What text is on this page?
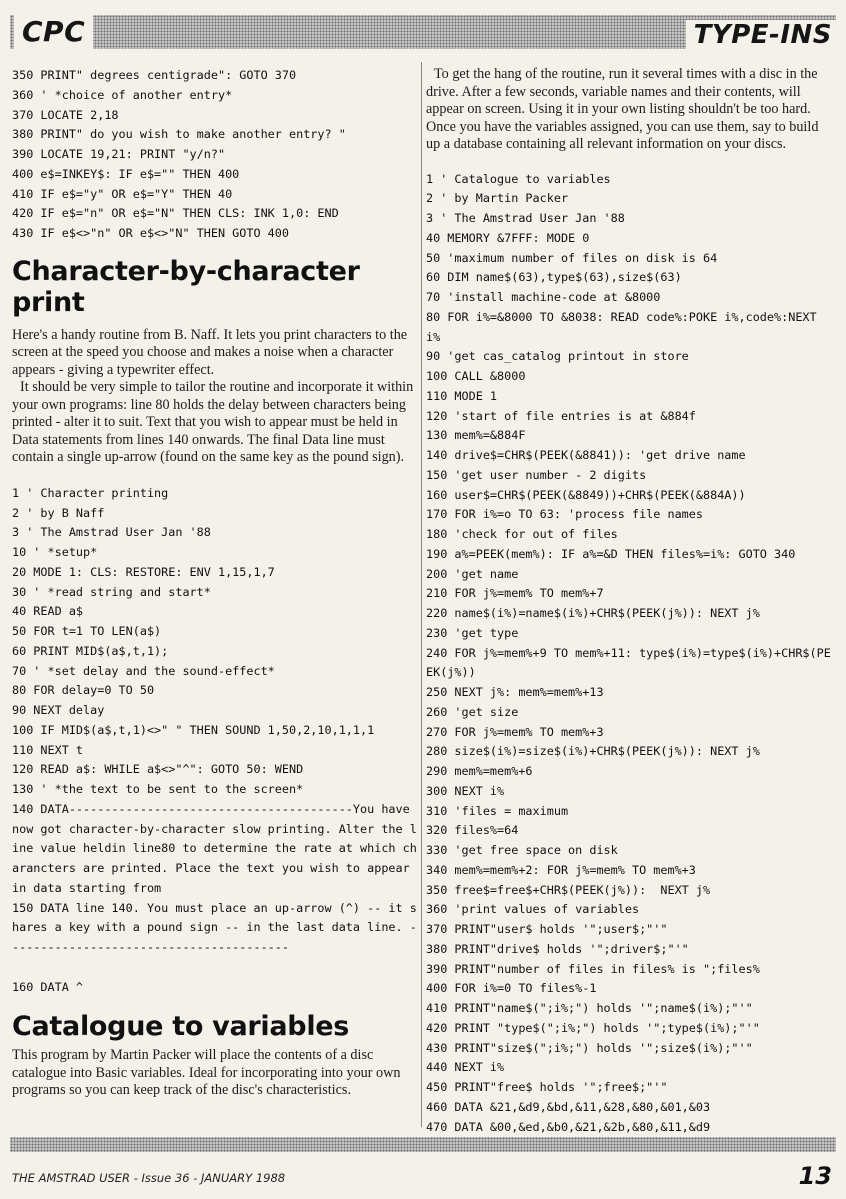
CPC	TYPE-INS
350 PRINT" degrees centigrade": GOTO 370
360 ' *choice of another entry*
370 LOCATE 2,18
380 PRINT" do you wish to make another entry? "
390 LOCATE 19,21: PRINT "y/n?"
400 e$=INKEY$: IF e$="" THEN 400
410 IF e$="y" OR e$="Y" THEN 40
420 IF e$="n" OR e$="N" THEN CLS: INK 1,0: END
430 IF e$<>"n" OR e$<>"N" THEN GOTO 400
Character-by-character
print

Here's a handy routine from B. Naff. It lets you print characters to the screen at the speed you choose and makes a noise when a character appears - giving a typewriter effect.

It should be very simple to tailor the routine and incorporate it within your own programs: line 80 holds the delay between characters being printed - alter it to suit. Text that you wish to appear must be held in Data statements from lines 140 onwards. The final Data line must contain a single up-arrow (found on the same key as the pound sign).

1 ' Character printing
2 ' by B Naff
3 ' The Amstrad User Jan '88
10 ' *setup*
20 MODE 1: CLS: RESTORE: ENV 1,15,1,7
30 ' *read string and start*
40 READ a$
50 FOR t=1 TO LEN(a$)
60 PRINT MID$(a$,t,1);
70 ' *set delay and the sound-effect*
80 FOR delay=0 TO 50
90 NEXT delay
100 IF MID$(a$,t,1)<>" " THEN SOUND 1,50,2,10,1,1,1
110 NEXT t
120 READ a$: WHILE a$<>"^": GOTO 50: WEND
130 ' *the text to be sent to the screen*
140 DATA----------------------------------------You have now got character-by-character slow printing. Alter the line value heldin line80 to determine the rate at which charancters are printed. Place the text you wish to appear in data starting from
150 DATA line 140. You must place an up-arrow (^) -- it shares a key with a pound sign -- in the last data line. ----------------------------------------

160 DATA ^
Catalogue to variables

This program by Martin Packer will place the contents of a disc catalogue into Basic variables. Ideal for incorporating into your own programs so you can keep track of the disc's characteristics.

To get the hang of the routine, run it several times with a disc in the drive. After a few seconds, variable names and their contents, will appear on screen. Using it in your own listing shouldn't be too hard. Once you have the variables assigned, you can use them, say to build up a database containing all relevant information on your discs.

1 ' Catalogue to variables
2 ' by Martin Packer
3 ' The Amstrad User Jan '88
40 MEMORY &7FFF: MODE 0
50 'maximum number of files on disk is 64
60 DIM name$(63),type$(63),size$(63)
70 'install machine-code at &8000
80 FOR i%=&8000 TO &8038: READ code%:POKE i%,code%:NEXT i%
90 'get cas_catalog printout in store
100 CALL &8000
110 MODE 1
120 'start of file entries is at &884f
130 mem%=&884F
140 drive$=CHR$(PEEK(&8841)): 'get drive name
150 'get user number - 2 digits
160 user$=CHR$(PEEK(&8849))+CHR$(PEEK(&884A))
170 FOR i%=o TO 63: 'process file names
180 'check for out of files
190 a%=PEEK(mem%): IF a%=&D THEN files%=i%: GOTO 340
200 'get name
210 FOR j%=mem% TO mem%+7
220 name$(i%)=name$(i%)+CHR$(PEEK(j%)): NEXT j%
230 'get type
240 FOR j%=mem%+9 TO mem%+11: type$(i%)=type$(i%)+CHR$(PEEK(j%))
250 NEXT j%: mem%=mem%+13
260 'get size
270 FOR j%=mem% TO mem%+3
280 size$(i%)=size$(i%)+CHR$(PEEK(j%)): NEXT j%
290 mem%=mem%+6
300 NEXT i%
310 'files = maximum
320 files%=64
330 'get free space on disk
340 mem%=mem%+2: FOR j%=mem% TO mem%+3
350 free$=free$+CHR$(PEEK(j%)):  NEXT j%
360 'print values of variables
370 PRINT"user$ holds '";user$;"'"
380 PRINT"drive$ holds '";driver$;"'"
390 PRINT"number of files in files% is ";files%
400 FOR i%=0 TO files%-1
410 PRINT"name$(";i%;") holds '";name$(i%);"'"
420 PRINT "type$(";i%;") holds '";type$(i%);"'"
430 PRINT"size$(";i%;") holds '";size$(i%);"'"
440 NEXT i%
450 PRINT"free$ holds '";free$;"'"
460 DATA &21,&d9,&bd,&11,&28,&80,&01,&03
470 DATA &00,&ed,&b0,&21,&2b,&80,&11,&d9
THE AMSTRAD USER - Issue 36 - JANUARY 1988	13
